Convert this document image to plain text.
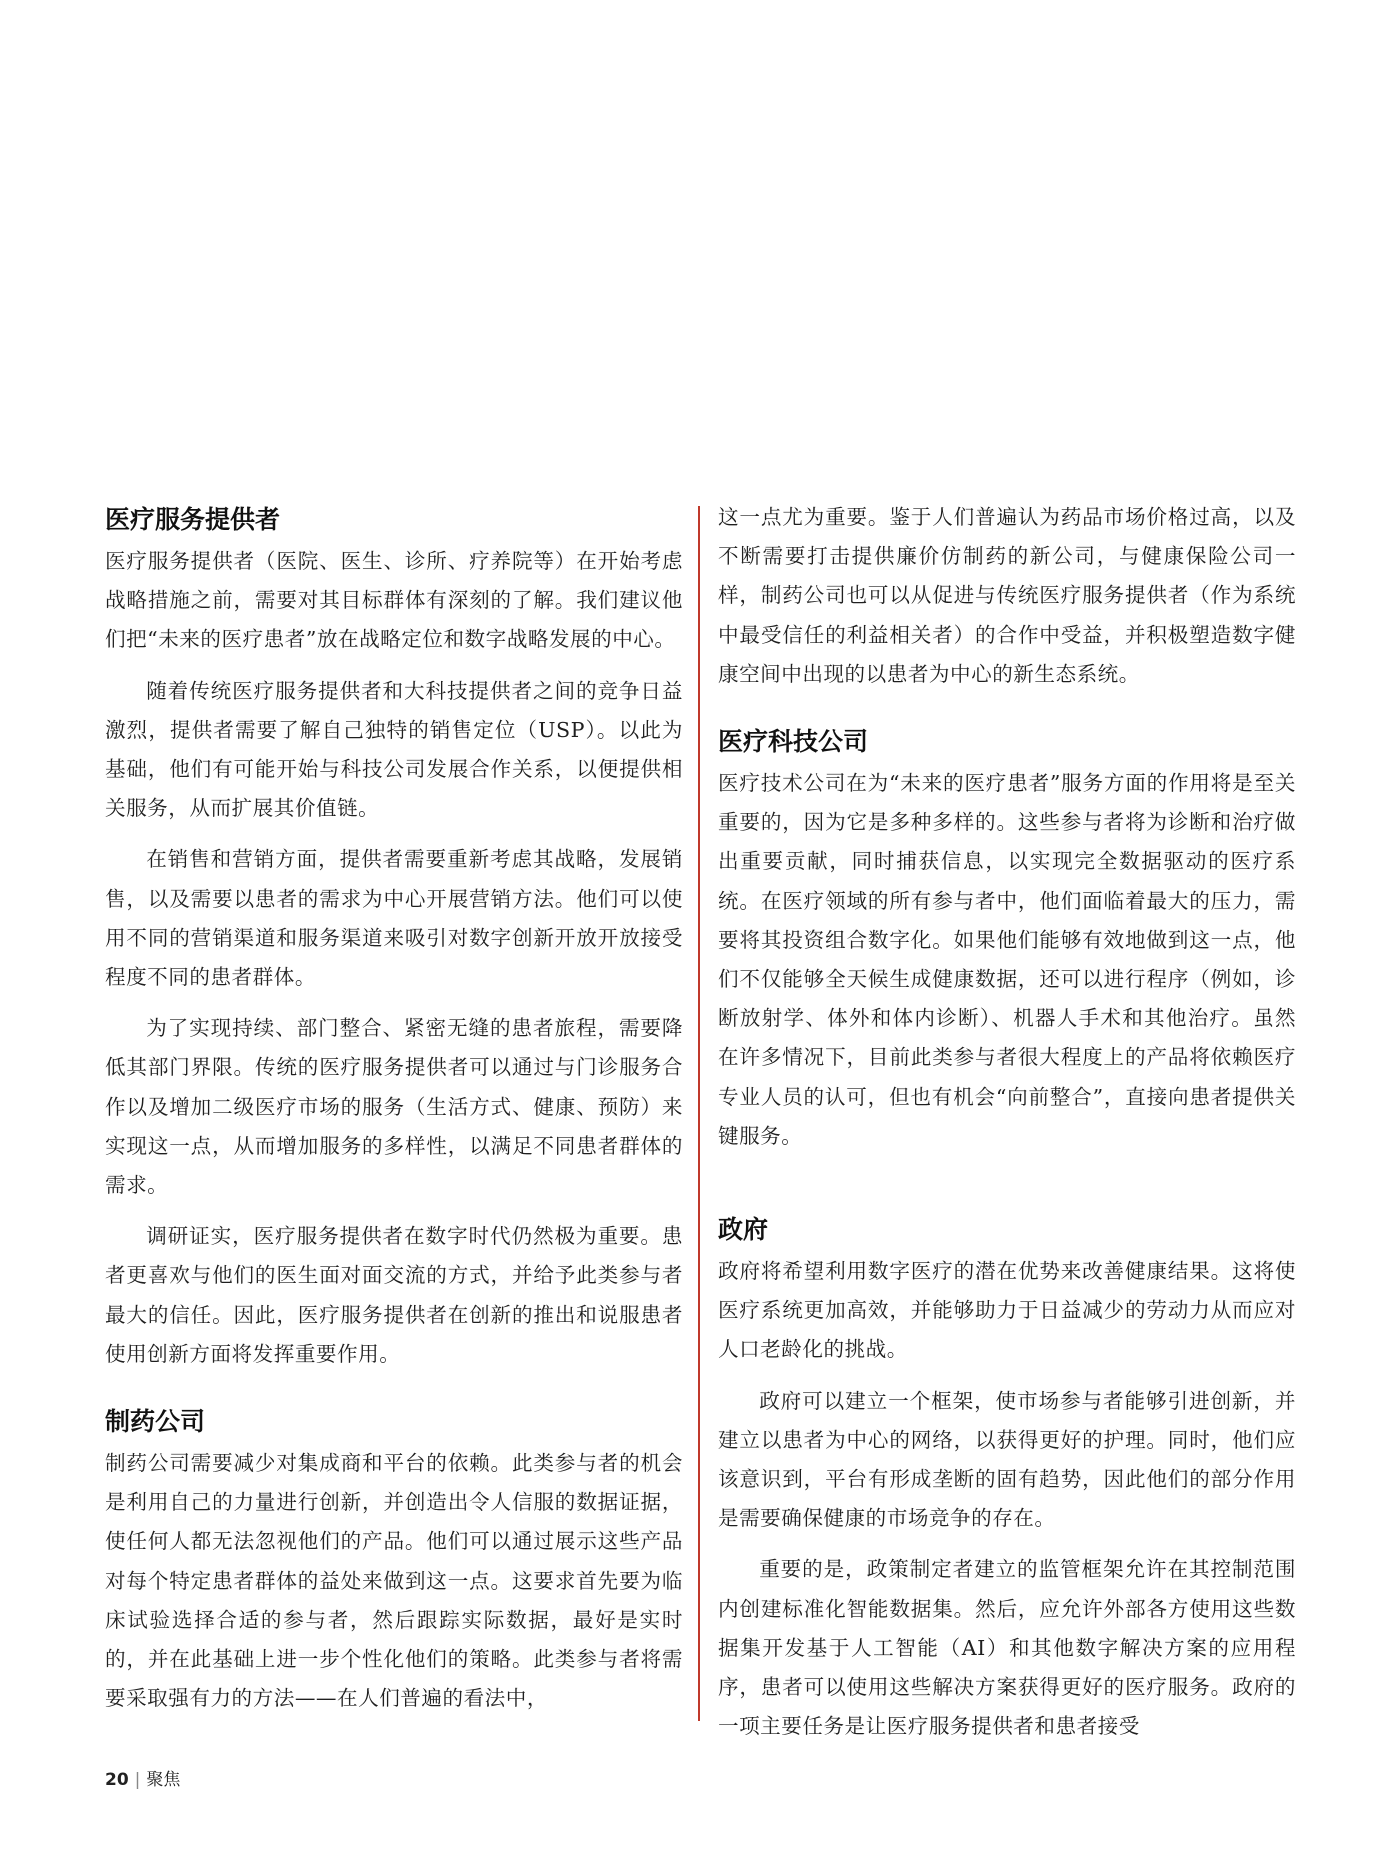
医疗服务提供者

医疗服务提供者（医院、医生、诊所、疗养院等）在开始考虑战略措施之前，需要对其目标群体有深刻的了解。我们建议他们把“未来的医疗患者”放在战略定位和数字战略发展的中心。

随着传统医疗服务提供者和大科技提供者之间的竞争日益激烈，提供者需要了解自己独特的销售定位（USP）。以此为基础，他们有可能开始与科技公司发展合作关系，以便提供相关服务，从而扩展其价值链。

在销售和营销方面，提供者需要重新考虑其战略，发展销售，以及需要以患者的需求为中心开展营销方法。他们可以使用不同的营销渠道和服务渠道来吸引对数字创新开放开放接受程度不同的患者群体。

为了实现持续、部门整合、紧密无缝的患者旅程，需要降低其部门界限。传统的医疗服务提供者可以通过与门诊服务合作以及增加二级医疗市场的服务（生活方式、健康、预防）来实现这一点，从而增加服务的多样性，以满足不同患者群体的需求。

调研证实，医疗服务提供者在数字时代仍然极为重要。患者更喜欢与他们的医生面对面交流的方式，并给予此类参与者最大的信任。因此，医疗服务提供者在创新的推出和说服患者使用创新方面将发挥重要作用。

制药公司

制药公司需要减少对集成商和平台的依赖。此类参与者的机会是利用自己的力量进行创新，并创造出令人信服的数据证据，使任何人都无法忽视他们的产品。他们可以通过展示这些产品对每个特定患者群体的益处来做到这一点。这要求首先要为临床试验选择合适的参与者，然后跟踪实际数据，最好是实时的，并在此基础上进一步个性化他们的策略。此类参与者将需要采取强有力的方法——在人们普遍的看法中，

这一点尤为重要。鉴于人们普遍认为药品市场价格过高，以及不断需要打击提供廉价仿制药的新公司，与健康保险公司一样，制药公司也可以从促进与传统医疗服务提供者（作为系统中最受信任的利益相关者）的合作中受益，并积极塑造数字健康空间中出现的以患者为中心的新生态系统。

医疗科技公司

医疗技术公司在为“未来的医疗患者”服务方面的作用将是至关重要的，因为它是多种多样的。这些参与者将为诊断和治疗做出重要贡献，同时捕获信息，以实现完全数据驱动的医疗系统。在医疗领域的所有参与者中，他们面临着最大的压力，需要将其投资组合数字化。如果他们能够有效地做到这一点，他们不仅能够全天候生成健康数据，还可以进行程序（例如，诊断放射学、体外和体内诊断）、机器人手术和其他治疗。虽然在许多情况下，目前此类参与者很大程度上的产品将依赖医疗专业人员的认可，但也有机会“向前整合”，直接向患者提供关键服务。

政府

政府将希望利用数字医疗的潜在优势来改善健康结果。这将使医疗系统更加高效，并能够助力于日益减少的劳动力从而应对人口老龄化的挑战。

政府可以建立一个框架，使市场参与者能够引进创新，并建立以患者为中心的网络，以获得更好的护理。同时，他们应该意识到，平台有形成垄断的固有趋势，因此他们的部分作用是需要确保健康的市场竞争的存在。

重要的是，政策制定者建立的监管框架允许在其控制范围内创建标准化智能数据集。然后，应允许外部各方使用这些数据集开发基于人工智能（AI）和其他数字解决方案的应用程序，患者可以使用这些解决方案获得更好的医疗服务。政府的一项主要任务是让医疗服务提供者和患者接受

20 | 聚焦
